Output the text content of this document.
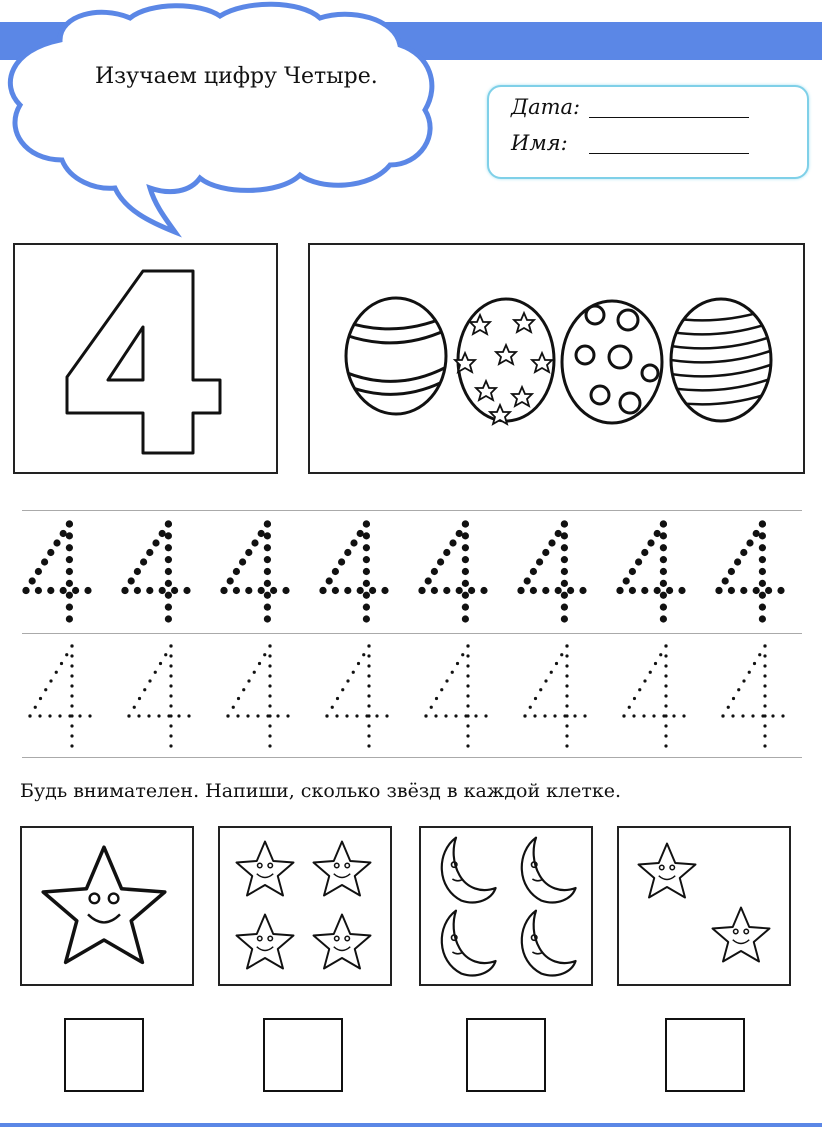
Изучаем цифру Четыре.
Дата:
Имя:
Будь внимателен. Напиши, сколько звёзд в каждой клетке.
